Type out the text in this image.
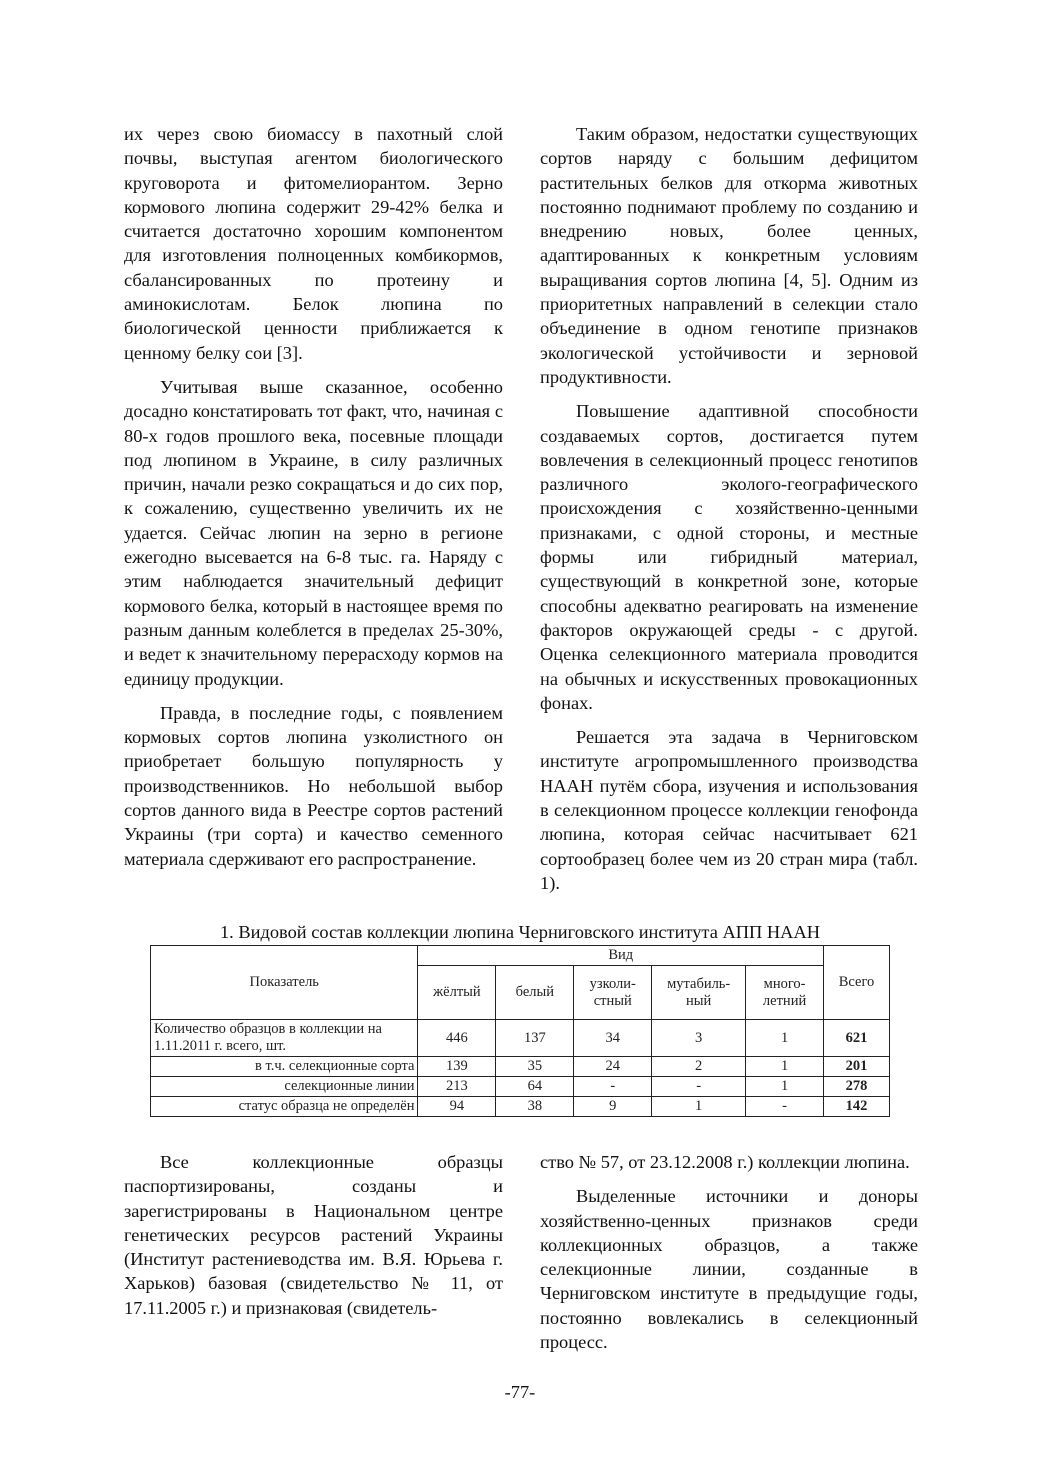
их через свою биомассу в пахотный слой почвы, выступая агентом биологического круговорота и фитомелиорантом. Зерно кормового люпина содержит 29-42% белка и считается достаточно хорошим компонентом для изготовления полноценных комбикормов, сбалансированных по протеину и аминокислотам. Белок люпина по биологической ценности приближается к ценному белку сои [3].

Учитывая выше сказанное, особенно досадно констатировать тот факт, что, начиная с 80-х годов прошлого века, посевные площади под люпином в Украине, в силу различных причин, начали резко сокращаться и до сих пор, к сожалению, существенно увеличить их не удается. Сейчас люпин на зерно в регионе ежегодно высевается на 6-8 тыс. га. Наряду с этим наблюдается значительный дефицит кормового белка, который в настоящее время по разным данным колеблется в пределах 25-30%, и ведет к значительному перерасходу кормов на единицу продукции.

Правда, в последние годы, с появлением кормовых сортов люпина узколистного он приобретает большую популярность у производственников. Но небольшой выбор сортов данного вида в Реестре сортов растений Украины (три сорта) и качество семенного материала сдерживают его распространение.

Таким образом, недостатки существующих сортов наряду с большим дефицитом растительных белков для откорма животных постоянно поднимают проблему по созданию и внедрению новых, более ценных, адаптированных к конкретным условиям выращивания сортов люпина [4, 5]. Одним из приоритетных направлений в селекции стало объединение в одном генотипе признаков экологической устойчивости и зерновой продуктивности.

Повышение адаптивной способности создаваемых сортов, достигается путем вовлечения в селекционный процесс генотипов различного эколого-географического происхождения с хозяйственно-ценными признаками, с одной стороны, и местные формы или гибридный материал, существующий в конкретной зоне, которые способны адекватно реагировать на изменение факторов окружающей среды - с другой. Оценка селекционного материала проводится на обычных и искусственных провокационных фонах.

Решается эта задача в Черниговском институте агропромышленного производства НААН путём сбора, изучения и использования в селекционном процессе коллекции генофонда люпина, которая сейчас насчитывает 621 сортообразец более чем из 20 стран мира (табл. 1).

1. Видовой состав коллекции люпина Черниговского института АПП НААН
Показатель	Вид					Всего
	жёлтый	белый	узколи-стный	мутабиль-ный	много-летний	
Количество образцов в коллекции на 1.11.2011 г. всего, шт.	446	137	34	3	1	621
в т.ч. селекционные сорта	139	35	24	2	1	201
селекционные линии	213	64	-	-	1	278
статус образца не определён	94	38	9	1	-	142

Все коллекционные образцы паспортизированы, созданы и зарегистрированы в Национальном центре генетических ресурсов растений Украины (Институт растениеводства им. В.Я. Юрьева г. Харьков) базовая (свидетельство № 11, от 17.11.2005 г.) и признаковая (свидетель-

ство № 57, от 23.12.2008 г.) коллекции люпина.

Выделенные источники и доноры хозяйственно-ценных признаков среди коллекционных образцов, а также селекционные линии, созданные в Черниговском институте в предыдущие годы, постоянно вовлекались в селекционный процесс.

-77-
